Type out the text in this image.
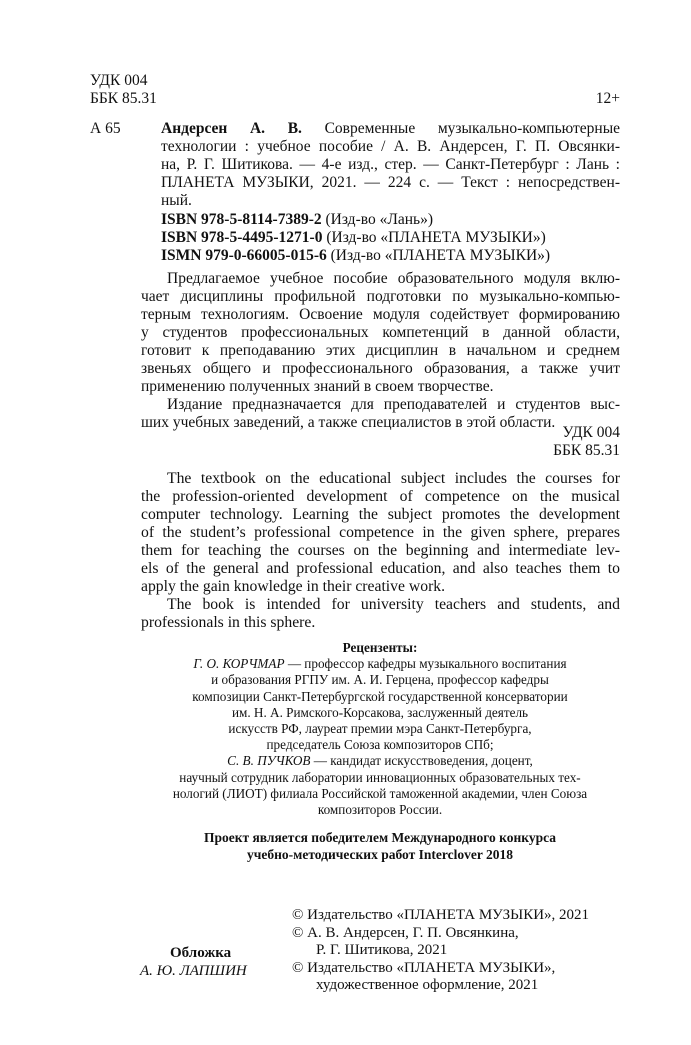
УДК 004
ББК 85.31	12+
А 65	Андерсен А. В. Современные музыкально-компьютерные
технологии : учебное пособие / А. В. Андерсен, Г. П. Овсянки-
на, Р. Г. Шитикова. — 4-е изд., стер. — Санкт-Петербург : Лань :
ПЛАНЕТА МУЗЫКИ, 2021. — 224 с. — Текст : непосредствен-
ный.
ISBN 978-5-8114-7389-2 (Изд-во «Лань»)
ISBN 978-5-4495-1271-0 (Изд-во «ПЛАНЕТА МУЗЫКИ»)
ISMN 979-0-66005-015-6 (Изд-во «ПЛАНЕТА МУЗЫКИ»)
Предлагаемое учебное пособие образовательного модуля вклю-
чает дисциплины профильной подготовки по музыкально-компью-
терным технологиям. Освоение модуля содействует формированию
у студентов профессиональных компетенций в данной области,
готовит к преподаванию этих дисциплин в начальном и среднем
звеньях общего и профессионального образования, а также учит
применению полученных знаний в своем творчестве.
Издание предназначается для преподавателей и студентов выс-
ших учебных заведений, а также специалистов в этой области.
УДК 004
ББК 85.31
The textbook on the educational subject includes the courses for
the profession-oriented development of competence on the musical
computer technology. Learning the subject promotes the development
of the student’s professional competence in the given sphere, prepares
them for teaching the courses on the beginning and intermediate lev-
els of the general and professional education, and also teaches them to
apply the gain knowledge in their creative work.
The book is intended for university teachers and students, and
professionals in this sphere.
Рецензенты:
Г. О. КОРЧМАР — профессор кафедры музыкального воспитания
и образования РГПУ им. А. И. Герцена, профессор кафедры
композиции Санкт-Петербургской государственной консерватории
им. Н. А. Римского-Корсакова, заслуженный деятель
искусств РФ, лауреат премии мэра Санкт-Петербурга,
председатель Союза композиторов СПб;
С. В. ПУЧКОВ — кандидат искусствоведения, доцент,
научный сотрудник лаборатории инновационных образовательных тех-
нологий (ЛИОТ) филиала Российской таможенной академии, член Союза
композиторов России.
Проект является победителем Международного конкурса
учебно-методических работ Interclover 2018
© Издательство «ПЛАНЕТА МУЗЫКИ», 2021
© А. В. Андерсен, Г. П. Овсянкина,
Р. Г. Шитикова, 2021
© Издательство «ПЛАНЕТА МУЗЫКИ»,
художественное оформление, 2021
Обложка
А. Ю. ЛАПШИН
